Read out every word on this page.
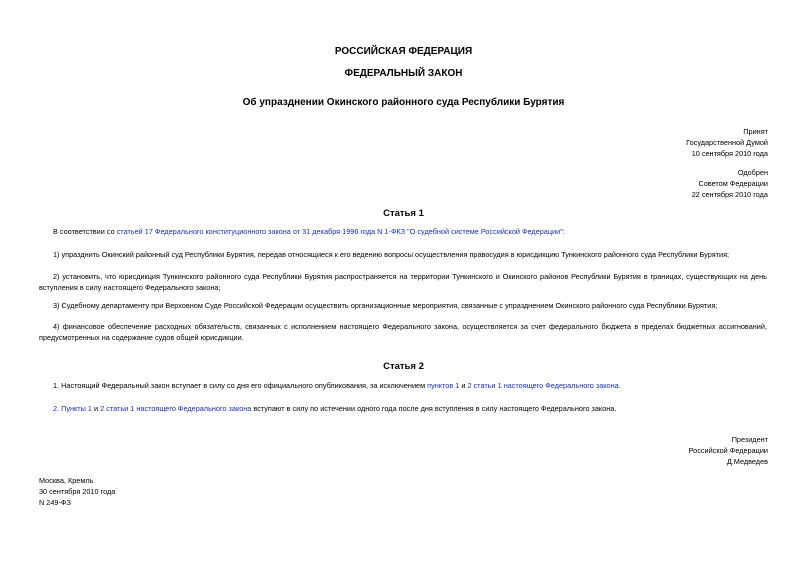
РОССИЙСКАЯ ФЕДЕРАЦИЯ
ФЕДЕРАЛЬНЫЙ ЗАКОН
Об упразднении Окинского районного суда Республики Бурятия
Принят
Государственной Думой
10 сентября 2010 года
Одобрен
Советом Федерации
22 сентября 2010 года
Статья 1
В соответствии со статьей 17 Федерального конституционного закона от 31 декабря 1996 года N 1-ФКЗ "О судебной системе Российской Федерации":
1) упразднить Окинский районный суд Республики Бурятия, передав относящиеся к его ведению вопросы осуществления правосудия в юрисдикцию Тункинского районного суда Республики Бурятия;
2) установить, что юрисдикция Тункинского районного суда Республики Бурятия распространяется на территории Тункинского и Окинского районов Республики Бурятия в границах, существующих на день вступления в силу настоящего Федерального закона;
3) Судебному департаменту при Верховном Суде Российской Федерации осуществить организационные мероприятия, связанные с упразднением Окинского районного суда Республики Бурятия;
4) финансовое обеспечение расходных обязательств, связанных с исполнением настоящего Федерального закона, осуществляется за счет федерального бюджета в пределах бюджетных ассигнований, предусмотренных на содержание судов общей юрисдикции.
Статья 2
1. Настоящий Федеральный закон вступает в силу со дня его официального опубликования, за исключением пунктов 1 и 2 статьи 1 настоящего Федерального закона.
2. Пункты 1 и 2 статьи 1 настоящего Федерального закона вступают в силу по истечении одного года после дня вступления в силу настоящего Федерального закона.
Президент
Российской Федерации
Д.Медведев
Москва, Кремль
30 сентября 2010 года
N 249-ФЗ
